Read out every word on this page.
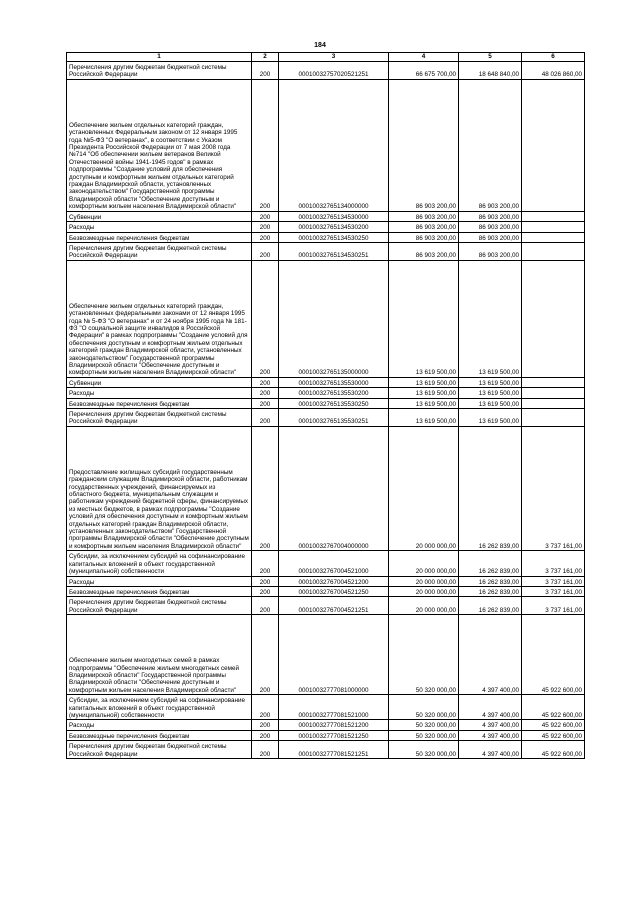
184
1	2	3	4	5	6
Перечисления другим бюджетам бюджетной системы Российской Федерации	200	00010032757020521251	66 675 700,00	18 648 840,00	48 026 860,00
Обеспечение жильем отдельных категорий граждан, установленных Федеральным законом от 12 января 1995 года №5-ФЗ "О ветеранах", в соответствии с Указом Президента Российской Федерации от 7 мая 2008 года №714 "Об обеспечении жильем ветеранов Великой Отечественной войны 1941-1945 годов" в рамках подпрограммы "Создание условий для обеспечения доступным и комфортным жильем отдельных категорий граждан Владимирской области, установленных законодательством" Государственной программы Владимирской области "Обеспечение доступным и комфортным жильем населения Владимирской области"	200	00010032765134000000	86 903 200,00	86 903 200,00	
Субвенции	200	00010032765134530000	86 903 200,00	86 903 200,00	
Расходы	200	00010032765134530200	86 903 200,00	86 903 200,00	
Безвозмездные перечисления бюджетам	200	00010032765134530250	86 903 200,00	86 903 200,00	
Перечисления другим бюджетам бюджетной системы Российской Федерации	200	00010032765134530251	86 903 200,00	86 903 200,00	
Обеспечение жильем отдельных категорий граждан, установленных федеральными законами от 12 января 1995 года № 5-ФЗ "О ветеранах" и от 24 ноября 1995 года № 181-ФЗ "О социальной защите инвалидов в Российской Федерации" в рамках подпрограммы "Создание условий для обеспечения доступным и комфортным жильем отдельных категорий граждан Владимирской области, установленных законодательством" Государственной программы Владимирской области "Обеспечение доступным и комфортным жильем населения Владимирской области"	200	00010032765135000000	13 619 500,00	13 619 500,00	
Субвенции	200	00010032765135530000	13 619 500,00	13 619 500,00	
Расходы	200	00010032765135530200	13 619 500,00	13 619 500,00	
Безвозмездные перечисления бюджетам	200	00010032765135530250	13 619 500,00	13 619 500,00	
Перечисления другим бюджетам бюджетной системы Российской Федерации	200	00010032765135530251	13 619 500,00	13 619 500,00	
Предоставление жилищных субсидий государственным гражданским служащим Владимирской области, работникам государственных учреждений, финансируемых из областного бюджета, муниципальным служащим и работникам учреждений бюджетной сферы, финансируемых из местных бюджетов, в рамках подпрограммы "Создание условий для обеспечения доступным и комфортным жильем отдельных категорий граждан Владимирской области, установленных законодательством" Государственной программы Владимирской области "Обеспечение доступным и комфортным жильем населения Владимирской области"	200	00010032767004000000	20 000 000,00	16 262 839,00	3 737 161,00
Субсидии, за исключением субсидий на софинансирование капитальных вложений в объект государственной (муниципальной) собственности	200	00010032767004521000	20 000 000,00	16 262 839,00	3 737 161,00
Расходы	200	00010032767004521200	20 000 000,00	16 262 839,00	3 737 161,00
Безвозмездные перечисления бюджетам	200	00010032767004521250	20 000 000,00	16 262 839,00	3 737 161,00
Перечисления другим бюджетам бюджетной системы Российской Федерации	200	00010032767004521251	20 000 000,00	16 262 839,00	3 737 161,00
Обеспечение жильем многодетных семей в рамках подпрограммы "Обеспечение жильем многодетных семей Владимирской области" Государственной программы Владимирской области "Обеспечение доступным и комфортным жильем населения Владимирской области"	200	00010032777081000000	50 320 000,00	4 397 400,00	45 922 600,00
Субсидии, за исключением субсидий на софинансирование капитальных вложений в объект государственной (муниципальной) собственности	200	00010032777081521000	50 320 000,00	4 397 400,00	45 922 600,00
Расходы	200	00010032777081521200	50 320 000,00	4 397 400,00	45 922 600,00
Безвозмездные перечисления бюджетам	200	00010032777081521250	50 320 000,00	4 397 400,00	45 922 600,00
Перечисления другим бюджетам бюджетной системы Российской Федерации	200	00010032777081521251	50 320 000,00	4 397 400,00	45 922 600,00
